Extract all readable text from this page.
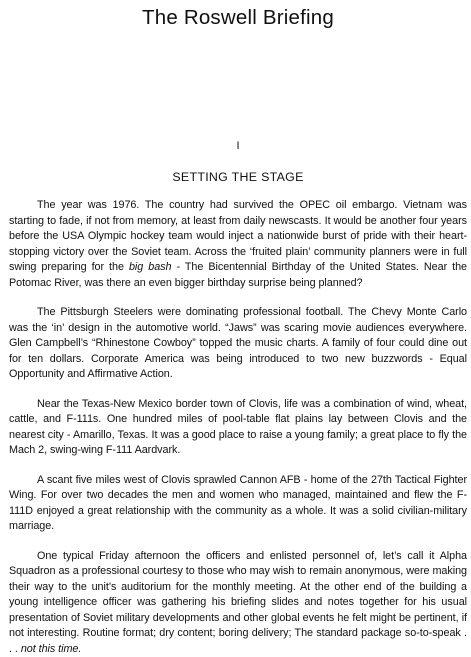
The Roswell Briefing
I
SETTING THE STAGE

The year was 1976. The country had survived the OPEC oil embargo. Vietnam was starting to fade, if not from memory, at least from daily newscasts. It would be another four years before the USA Olympic hockey team would inject a nationwide burst of pride with their heart-stopping victory over the Soviet team. Across the ‘fruited plain’ community planners were in full swing preparing for the big bash - The Bicentennial Birthday of the United States. Near the Potomac River, was there an even bigger birthday surprise being planned?

The Pittsburgh Steelers were dominating professional football. The Chevy Monte Carlo was the ‘in’ design in the automotive world. “Jaws” was scaring movie audiences everywhere. Glen Campbell’s “Rhinestone Cowboy” topped the music charts. A family of four could dine out for ten dollars. Corporate America was being introduced to two new buzzwords - Equal Opportunity and Affirmative Action.

Near the Texas-New Mexico border town of Clovis, life was a combination of wind, wheat, cattle, and F-111s. One hundred miles of pool-table flat plains lay between Clovis and the nearest city - Amarillo, Texas. It was a good place to raise a young family; a great place to fly the Mach 2, swing-wing F-111 Aardvark.

A scant five miles west of Clovis sprawled Cannon AFB - home of the 27th Tactical Fighter Wing. For over two decades the men and women who managed, maintained and flew the F-111D enjoyed a great relationship with the community as a whole. It was a solid civilian-military marriage.

One typical Friday afternoon the officers and enlisted personnel of, let’s call it Alpha Squadron as a professional courtesy to those who may wish to remain anonymous, were making their way to the unit’s auditorium for the monthly meeting. At the other end of the building a young intelligence officer was gathering his briefing slides and notes together for his usual presentation of Soviet military developments and other global events he felt might be pertinent, if not interesting. Routine format; dry content; boring delivery; The standard package so-to-speak . . . not this time.
